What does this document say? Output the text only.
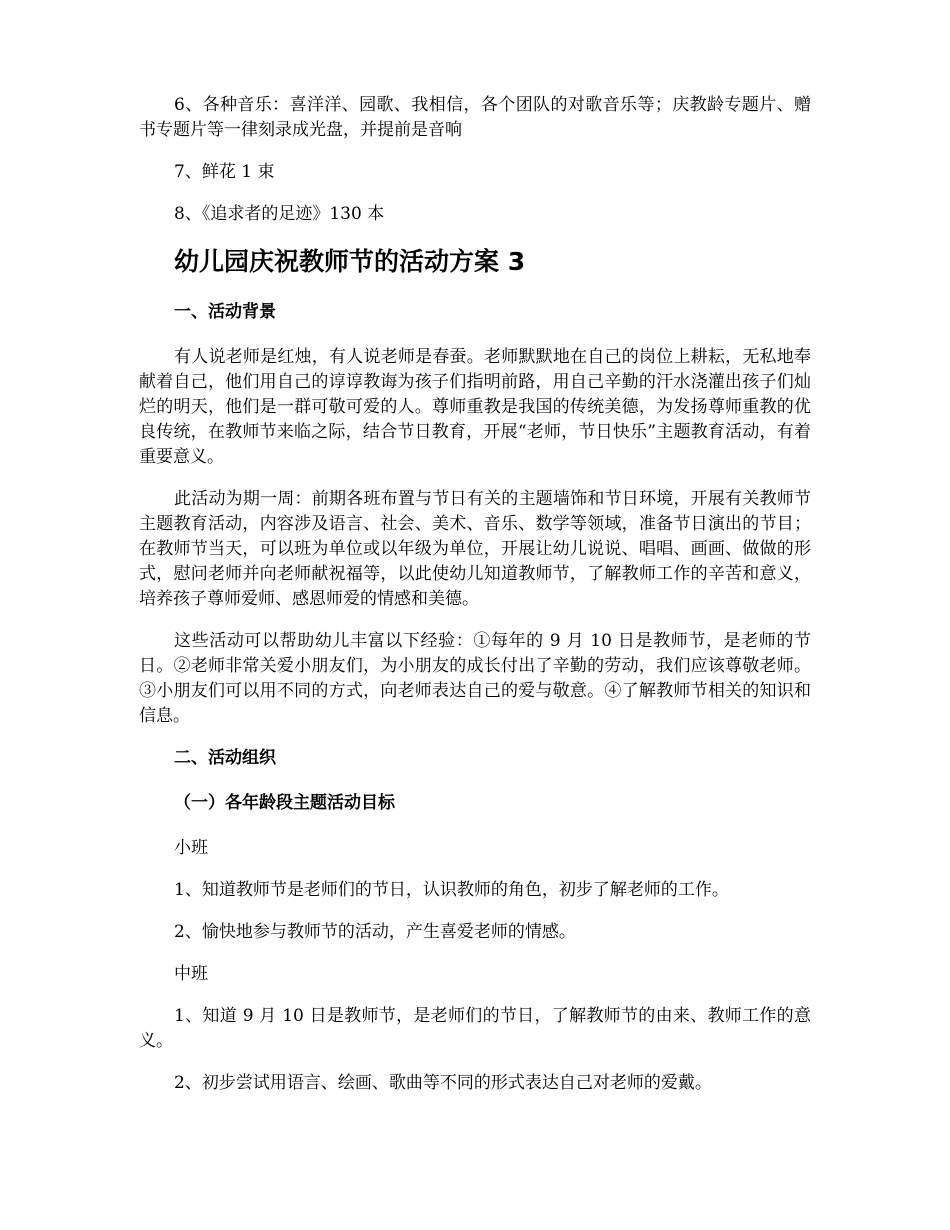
6、各种音乐：喜洋洋、园歌、我相信，各个团队的对歌音乐等；庆教龄专题片、赠书专题片等一律刻录成光盘，并提前是音响

7、鲜花 1 束

8、《追求者的足迹》130 本

幼儿园庆祝教师节的活动方案 3
一、活动背景

有人说老师是红烛，有人说老师是春蚕。老师默默地在自己的岗位上耕耘，无私地奉献着自己，他们用自己的谆谆教诲为孩子们指明前路，用自己辛勤的汗水浇灌出孩子们灿烂的明天，他们是一群可敬可爱的人。尊师重教是我国的传统美德，为发扬尊师重教的优良传统，在教师节来临之际，结合节日教育，开展“老师，节日快乐”主题教育活动，有着重要意义。

此活动为期一周：前期各班布置与节日有关的主题墙饰和节日环境，开展有关教师节主题教育活动，内容涉及语言、社会、美术、音乐、数学等领域，准备节日演出的节目；在教师节当天，可以班为单位或以年级为单位，开展让幼儿说说、唱唱、画画、做做的形式，慰问老师并向老师献祝福等，以此使幼儿知道教师节，了解教师工作的辛苦和意义，培养孩子尊师爱师、感恩师爱的情感和美德。

这些活动可以帮助幼儿丰富以下经验：①每年的 9 月 10 日是教师节，是老师的节日。②老师非常关爱小朋友们，为小朋友的成长付出了辛勤的劳动，我们应该尊敬老师。③小朋友们可以用不同的方式，向老师表达自己的爱与敬意。④了解教师节相关的知识和信息。

二、活动组织
（一）各年龄段主题活动目标

小班

1、知道教师节是老师们的节日，认识教师的角色，初步了解老师的工作。

2、愉快地参与教师节的活动，产生喜爱老师的情感。

中班

1、知道 9 月 10 日是教师节，是老师们的节日，了解教师节的由来、教师工作的意义。

2、初步尝试用语言、绘画、歌曲等不同的形式表达自己对老师的爱戴。
